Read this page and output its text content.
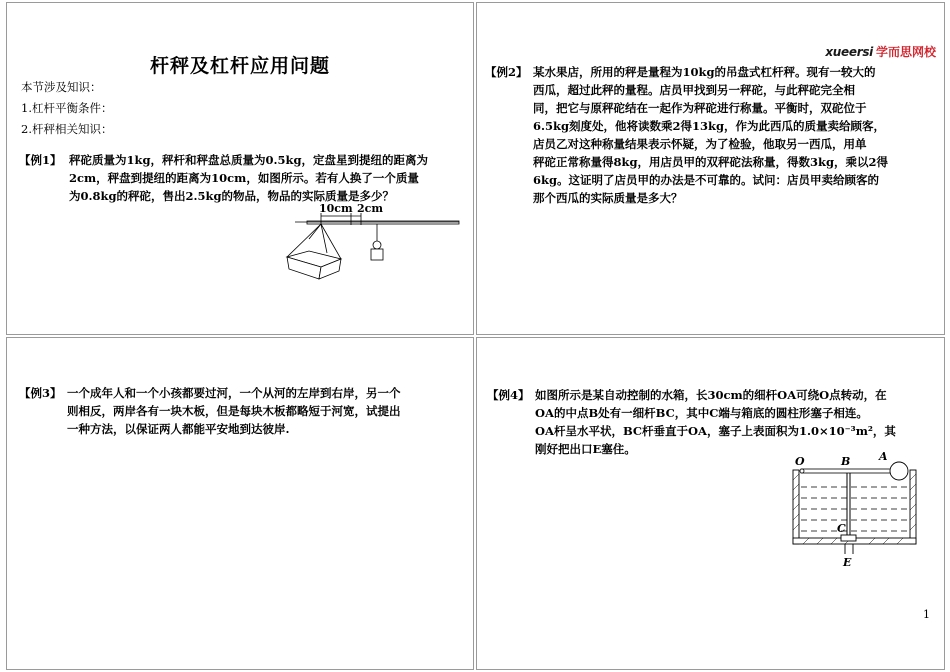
杆秤及杠杆应用问题
本节涉及知识：
1.杠杆平衡条件：
2.杆秤相关知识：
【例1】 秤砣质量为1kg，秤杆和秤盘总质量为0.5kg，定盘星到提纽的距离为
2cm，秤盘到提纽的距离为10cm，如图所示。若有人换了一个质量
为0.8kg的秤砣，售出2.5kg的物品，物品的实际质量是多少？
10cm 2cm
xueersi 学而思网校
【例2】 某水果店，所用的秤是量程为10kg的吊盘式杠杆秤。现有一较大的
西瓜，超过此秤的量程。店员甲找到另一秤砣，与此秤砣完全相
同，把它与原秤砣结在一起作为秤砣进行称量。平衡时，双砣位于
6.5kg刻度处，他将读数乘2得13kg，作为此西瓜的质量卖给顾客，
店员乙对这种称量结果表示怀疑，为了检验，他取另一西瓜，用单
秤砣正常称量得8kg，用店员甲的双秤砣法称量，得数3kg，乘以2得
6kg。这证明了店员甲的办法是不可靠的。试问：店员甲卖给顾客的
那个西瓜的实际质量是多大？
【例3】 一个成年人和一个小孩都要过河，一个从河的左岸到右岸，另一个
则相反，两岸各有一块木板，但是每块木板都略短于河宽，试提出
一种方法，以保证两人都能平安地到达彼岸.
【例4】 如图所示是某自动控制的水箱，长30cm的细杆OA可绕O点转动，在
OA的中点B处有一细杆BC，其中C端与箱底的圆柱形塞子相连。
OA杆呈水平状，BC杆垂直于OA，塞子上表面积为1.0×10⁻³m²，其
刚好把出口E塞住。
O	B	A
C
E
1
